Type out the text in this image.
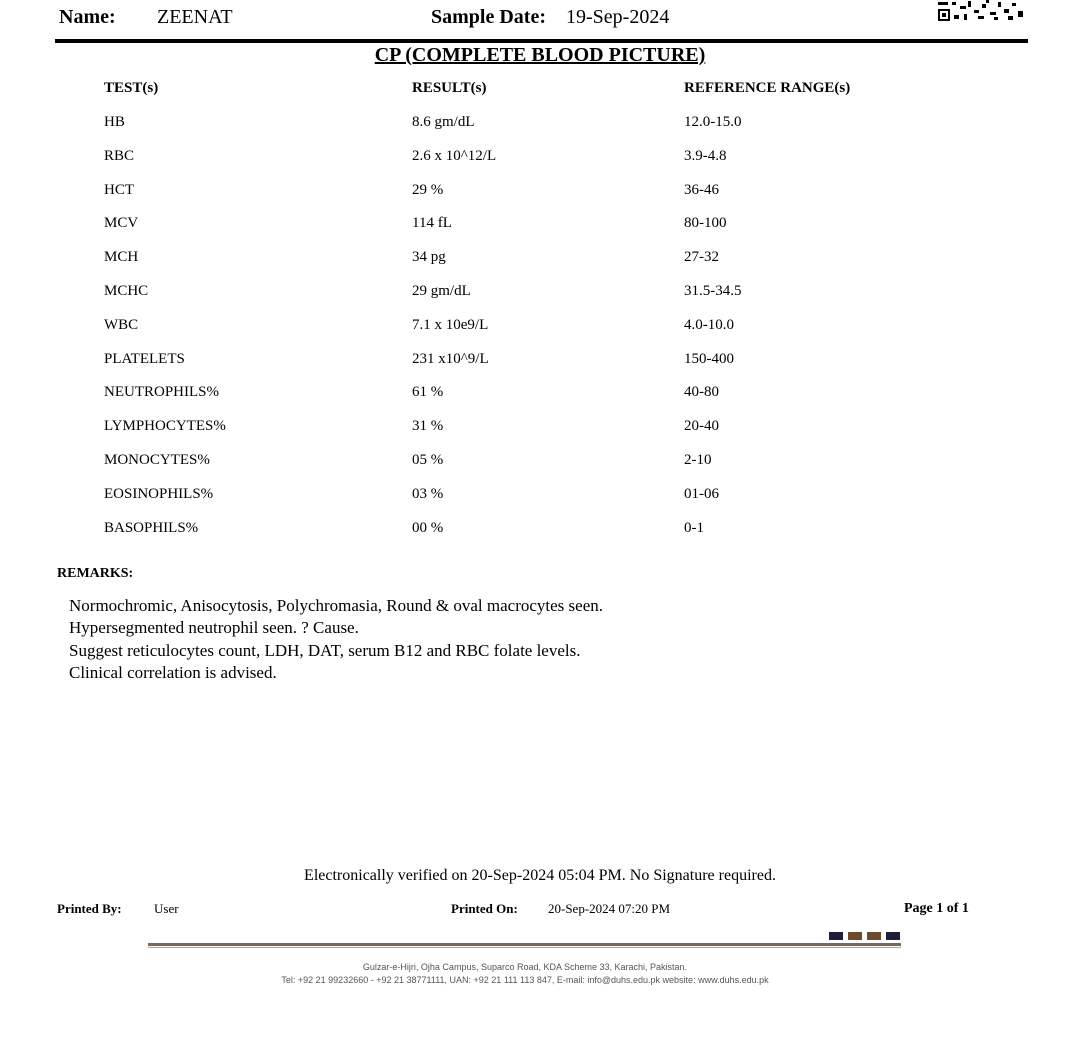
Name: ZEENAT	Sample Date: 19-Sep-2024
CP (COMPLETE BLOOD PICTURE)
TEST(s)	RESULT(s)	REFERENCE RANGE(s)
HB	8.6 gm/dL	12.0-15.0
RBC	2.6 x 10^12/L	3.9-4.8
HCT	29 %	36-46
MCV	114 fL	80-100
MCH	34 pg	27-32
MCHC	29 gm/dL	31.5-34.5
WBC	7.1 x 10e9/L	4.0-10.0
PLATELETS	231 x10^9/L	150-400
NEUTROPHILS%	61 %	40-80
LYMPHOCYTES%	31 %	20-40
MONOCYTES%	05 %	2-10
EOSINOPHILS%	03 %	01-06
BASOPHILS%	00 %	0-1
REMARKS:
Normochromic, Anisocytosis, Polychromasia, Round & oval macrocytes seen.
Hypersegmented neutrophil seen. ? Cause.
Suggest reticulocytes count, LDH, DAT, serum B12 and RBC folate levels.
Clinical correlation is advised.
Electronically verified on 20-Sep-2024 05:04 PM. No Signature required.
Printed By: User	Printed On: 20-Sep-2024 07:20 PM	Page 1 of 1
Gulzar-e-Hijri, Ojha Campus, Suparco Road, KDA Scheme 33, Karachi, Pakistan.
Tel: +92 21 99232660 - +92 21 38771111, UAN: +92 21 111 113 847, E-mail: info@duhs.edu.pk website: www.duhs.edu.pk
